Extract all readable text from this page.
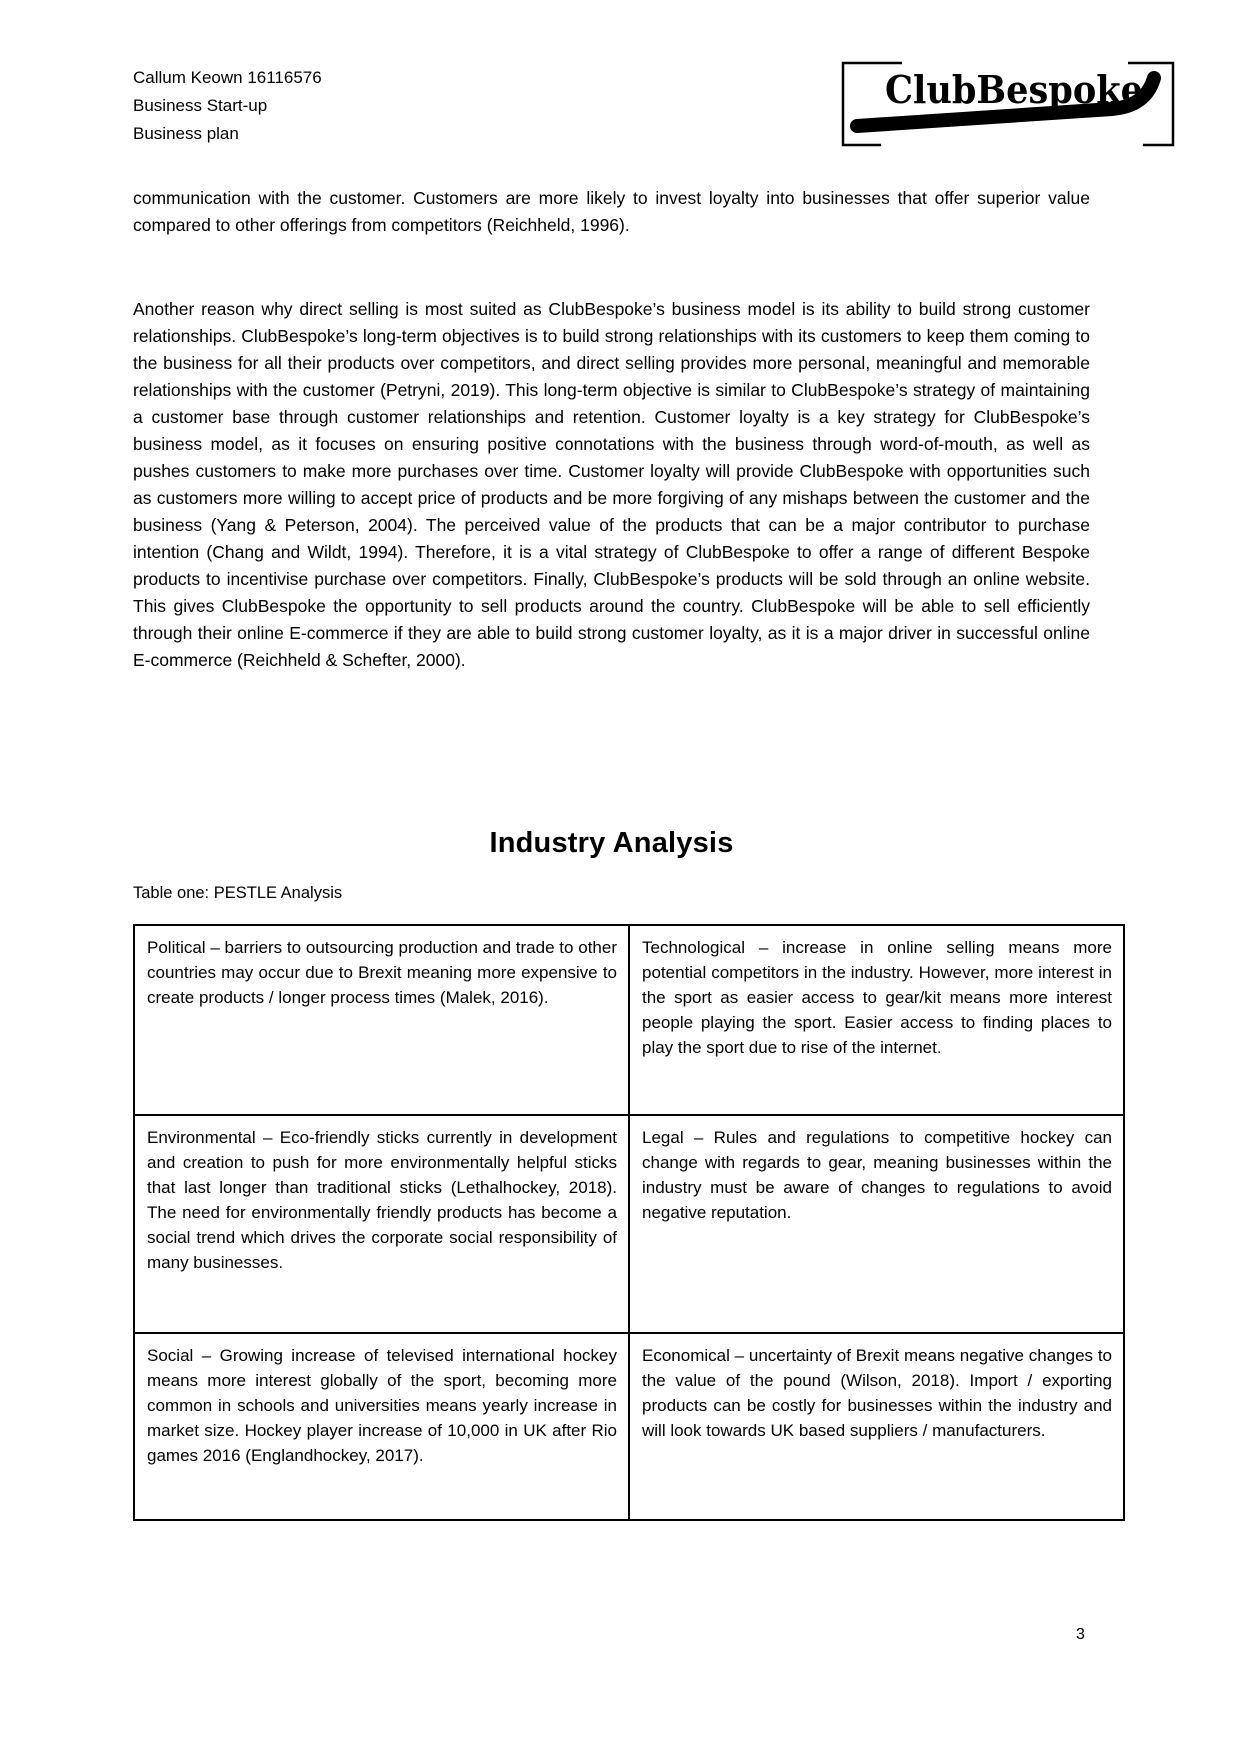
Callum Keown 16116576
Business Start-up
Business plan
ClubBespoke

communication with the customer. Customers are more likely to invest loyalty into businesses that offer superior value compared to other offerings from competitors (Reichheld, 1996).

Another reason why direct selling is most suited as ClubBespoke’s business model is its ability to build strong customer relationships. ClubBespoke’s long-term objectives is to build strong relationships with its customers to keep them coming to the business for all their products over competitors, and direct selling provides more personal, meaningful and memorable relationships with the customer (Petryni, 2019). This long-term objective is similar to ClubBespoke’s strategy of maintaining a customer base through customer relationships and retention. Customer loyalty is a key strategy for ClubBespoke’s business model, as it focuses on ensuring positive connotations with the business through word-of-mouth, as well as pushes customers to make more purchases over time. Customer loyalty will provide ClubBespoke with opportunities such as customers more willing to accept price of products and be more forgiving of any mishaps between the customer and the business (Yang & Peterson, 2004). The perceived value of the products that can be a major contributor to purchase intention (Chang and Wildt, 1994). Therefore, it is a vital strategy of ClubBespoke to offer a range of different Bespoke products to incentivise purchase over competitors. Finally, ClubBespoke’s products will be sold through an online website. This gives ClubBespoke the opportunity to sell products around the country. ClubBespoke will be able to sell efficiently through their online E-commerce if they are able to build strong customer loyalty, as it is a major driver in successful online E-commerce (Reichheld & Schefter, 2000).

Industry Analysis
Table one: PESTLE Analysis
Political – barriers to outsourcing production and trade to other countries may occur due to Brexit meaning more expensive to create products / longer process times (Malek, 2016).	Technological – increase in online selling means more potential competitors in the industry. However, more interest in the sport as easier access to gear/kit means more interest people playing the sport. Easier access to finding places to play the sport due to rise of the internet.
Environmental – Eco-friendly sticks currently in development and creation to push for more environmentally helpful sticks that last longer than traditional sticks (Lethalhockey, 2018). The need for environmentally friendly products has become a social trend which drives the corporate social responsibility of many businesses.	Legal – Rules and regulations to competitive hockey can change with regards to gear, meaning businesses within the industry must be aware of changes to regulations to avoid negative reputation.
Social – Growing increase of televised international hockey means more interest globally of the sport, becoming more common in schools and universities means yearly increase in market size. Hockey player increase of 10,000 in UK after Rio games 2016 (Englandhockey, 2017).	Economical – uncertainty of Brexit means negative changes to the value of the pound (Wilson, 2018). Import / exporting products can be costly for businesses within the industry and will look towards UK based suppliers / manufacturers.
3
